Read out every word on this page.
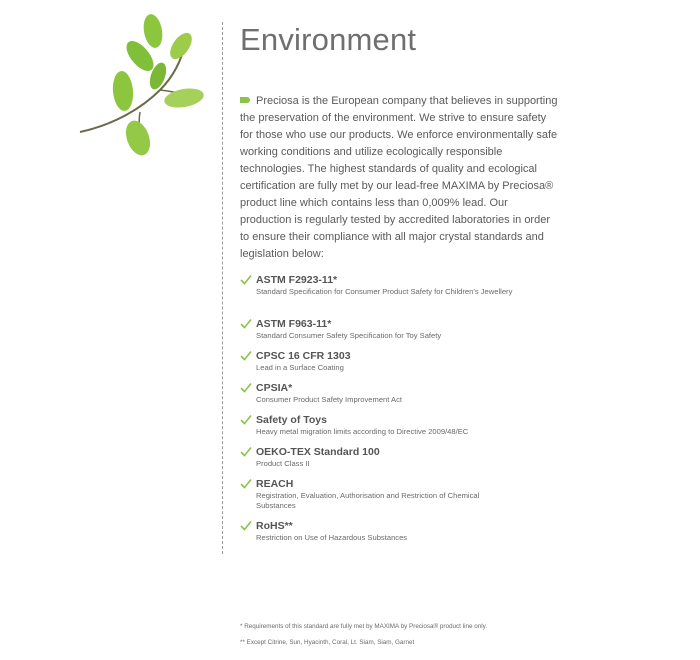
Environment

Preciosa is the European company that believes in supporting the preservation of the environment. We strive to ensure safety for those who use our products. We enforce environmentally safe working conditions and utilize ecologically responsible technologies. The highest standards of quality and ecological certification are fully met by our lead-free MAXIMA by Preciosa® product line which contains less than 0,009% lead. Our production is regularly tested by accredited laboratories in order to ensure their compliance with all major crystal standards and legislation below:

ASTM F2923-11*
Standard Specification for Consumer Product Safety for Children's Jewellery
ASTM F963-11*
Standard Consumer Safety Specification for Toy Safety
CPSC 16 CFR 1303
Lead in a Surface Coating
CPSIA*
Consumer Product Safety Improvement Act
Safety of Toys
Heavy metal migration limits according to Directive 2009/48/EC
OEKO-TEX Standard 100
Product Class II
REACH
Registration, Evaluation, Authorisation and Restriction of Chemical Substances
RoHS**
Restriction on Use of Hazardous Substances
* Requirements of this standard are fully met by MAXIMA by Preciosa® product line only.
** Except Citrine, Sun, Hyacinth, Coral, Lt. Siam, Siam, Garnet
